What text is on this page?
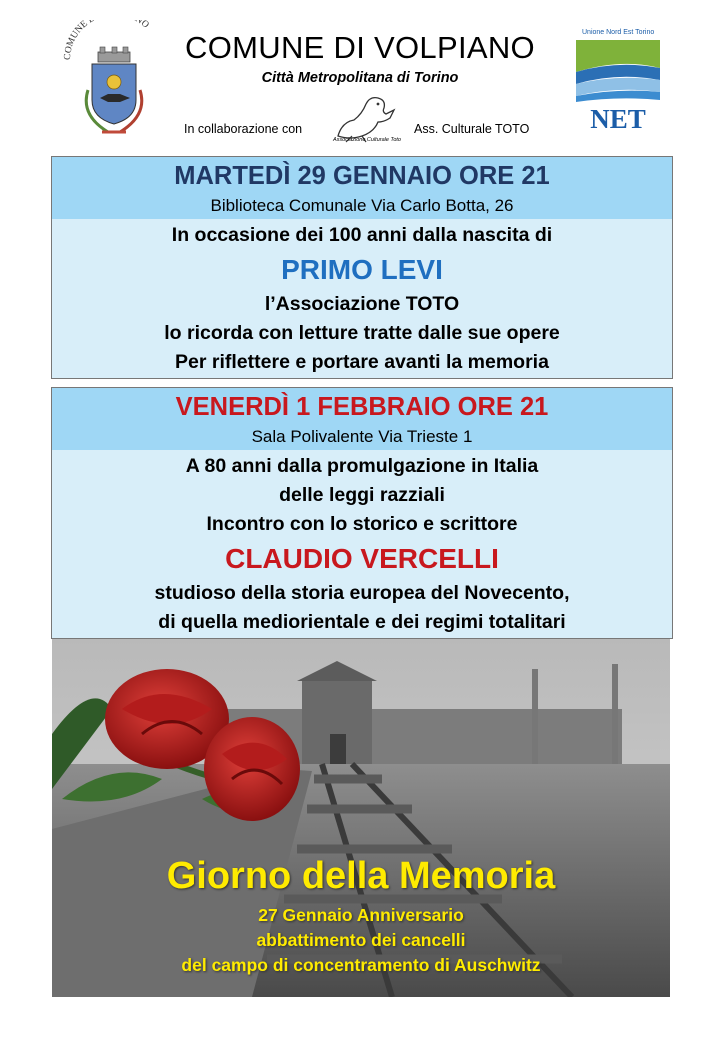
COMUNE NO
COMUNE DI VOLPIANO
Città Metropolitana di Torino
In collaborazione con
Associazione Culturale Toto
Ass. Culturale TOTO
Unione Nord Est Torino
NET
MARTEDÌ 29 GENNAIO ORE 21
Biblioteca Comunale Via Carlo Botta, 26
In occasione dei 100 anni dalla nascita di
PRIMO LEVI
l’Associazione TOTO
lo ricorda con letture tratte dalle sue opere
Per riflettere e portare avanti la memoria
VENERDÌ 1 FEBBRAIO ORE 21
Sala Polivalente Via Trieste 1
A 80 anni dalla promulgazione in Italia
delle leggi razziali
Incontro con lo storico e scrittore
CLAUDIO VERCELLI
studioso della storia europea del Novecento,
di quella mediorientale e dei regimi totalitari
Giorno della Memoria
27 Gennaio Anniversario
abbattimento dei cancelli
del campo di concentramento di Auschwitz
